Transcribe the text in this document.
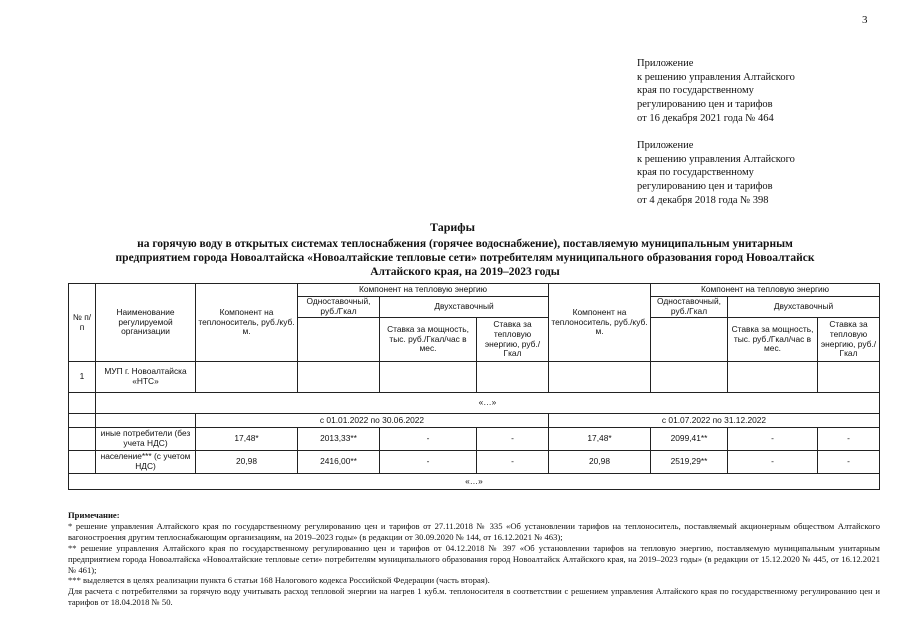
3
Приложение
к решению управления Алтайского
края по государственному
регулированию цен и тарифов
от 16 декабря 2021 года № 464
Приложение
к решению управления Алтайского
края по государственному
регулированию цен и тарифов
от 4 декабря 2018 года № 398
Тарифы
на горячую воду в открытых системах теплоснабжения (горячее водоснабжение), поставляемую муниципальным унитарным
предприятием города Новоалтайска «Новоалтайские тепловые сети» потребителям муниципального образования город Новоалтайск
Алтайского края, на 2019–2023 годы
№ п/п	Наименование регулируемой организации	Компонент на теплоноситель, руб./куб. м.	Компонент на тепловую энергию			Компонент на теплоноситель, руб./куб. м.	Компонент на тепловую энергию		
			Одноставочный, руб./Гкал	Двухставочный			Одноставочный, руб./Гкал	Двухставочный	
				Ставка за мощность, тыс. руб./Гкал/час в мес.	Ставка за тепловую энергию, руб./Гкал			Ставка за мощность, тыс. руб./Гкал/час в мес.	Ставка за тепловую энергию, руб./Гкал
1	МУП г. Новоалтайска «НТС»								
	«…»								
		с 01.01.2022 по 30.06.2022				с 01.07.2022 по 31.12.2022			
	иные потребители (без учета НДС)	17,48*	2013,33**	-	-	17,48*	2099,41**	-	-
	население*** (с учетом НДС)	20,98	2416,00**	-	-	20,98	2519,29**	-	-
«…»									
Примечание:
* решение управления Алтайского края по государственному регулированию цен и тарифов от 27.11.2018 № 335 «Об установлении тарифов на теплоноситель, поставляемый акционерным обществом Алтайского вагоностроения другим теплоснабжающим организациям, на 2019–2023 годы» (в редакции от 30.09.2020 № 144, от 16.12.2021 № 463);
** решение управления Алтайского края по государственному регулированию цен и тарифов от 04.12.2018 № 397 «Об установлении тарифов на тепловую энергию, поставляемую муниципальным унитарным предприятием города Новоалтайска «Новоалтайские тепловые сети» потребителям муниципального образования город Новоалтайск Алтайского края, на 2019–2023 годы» (в редакции от 15.12.2020 № 445, от 16.12.2021 № 461);
*** выделяется в целях реализации пункта 6 статьи 168 Налогового кодекса Российской Федерации (часть вторая).
Для расчета с потребителями за горячую воду учитывать расход тепловой энергии на нагрев 1 куб.м. теплоносителя в соответствии с решением управления Алтайского края по государственному регулированию цен и тарифов от 18.04.2018 № 50.
